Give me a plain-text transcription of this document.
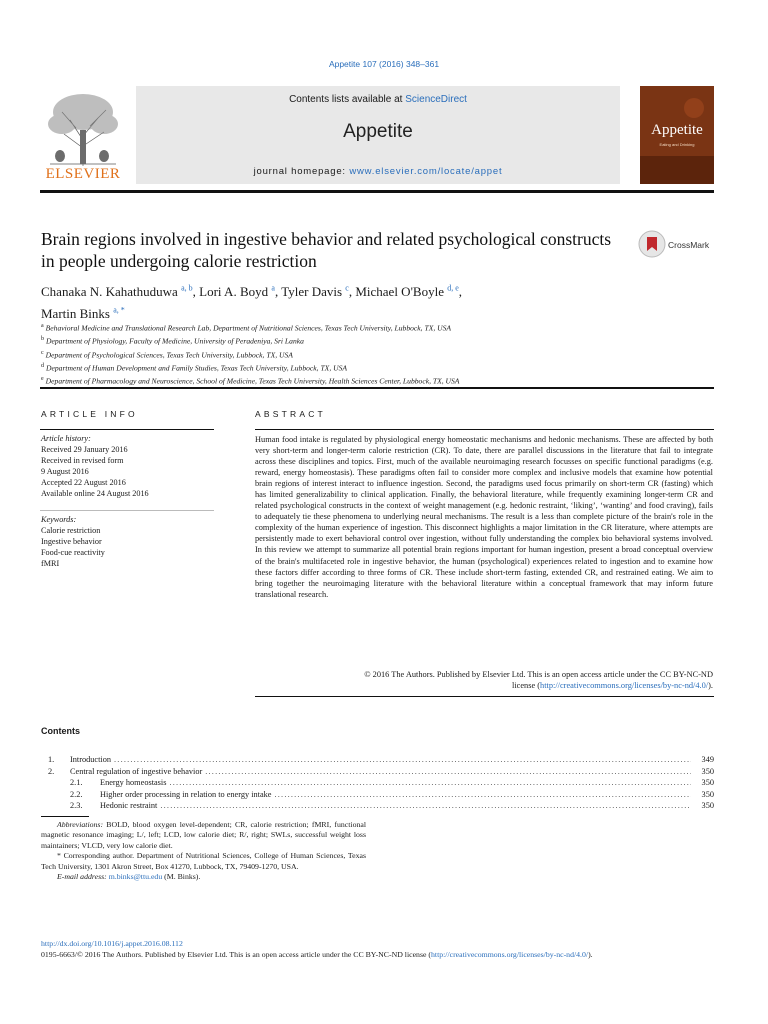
Appetite 107 (2016) 348–361
ELSEVIER
Contents lists available at ScienceDirect
Appetite
journal homepage: www.elsevier.com/locate/appet
Appetite
Eating and Drinking
Brain regions involved in ingestive behavior and related psychological constructs in people undergoing calorie restriction
CrossMark
Chanaka N. Kahathuduwa $^{a, b}$, Lori A. Boyd $^a$, Tyler Davis $^c$, Michael O'Boyle $^{d, e}$,
Martin Binks $^{a, *}$
$^a$ Behavioral Medicine and Translational Research Lab, Department of Nutritional Sciences, Texas Tech University, Lubbock, TX, USA
$^b$ Department of Physiology, Faculty of Medicine, University of Peradeniya, Sri Lanka
$^c$ Department of Psychological Sciences, Texas Tech University, Lubbock, TX, USA
$^d$ Department of Human Development and Family Studies, Texas Tech University, Lubbock, TX, USA
$^e$ Department of Pharmacology and Neuroscience, School of Medicine, Texas Tech University, Health Sciences Center, Lubbock, TX, USA
ARTICLE INFO	ABSTRACT
Article history:
Received 29 January 2016
Received in revised form
9 August 2016
Accepted 22 August 2016
Available online 24 August 2016
Keywords:
Calorie restriction
Ingestive behavior
Food-cue reactivity
fMRI
Human food intake is regulated by physiological energy homeostatic mechanisms and hedonic mechanisms. These are affected by both very short-term and longer-term calorie restriction (CR). To date, there are parallel discussions in the literature that fail to integrate across these disciplines and topics. First, much of the available neuroimaging research focusses on specific functional paradigms (e.g. reward, energy homeostasis). These paradigms often fail to consider more complex and inclusive models that examine how potential brain regions of interest interact to influence ingestion. Second, the paradigms used focus primarily on short-term CR (fasting) which has limited generalizability to clinical application. Finally, the behavioral literature, while frequently examining longer-term CR and related psychological constructs in the context of weight management (e.g. hedonic restraint, ‘liking’, ‘wanting’ and food craving), fails to adequately tie these phenomena to underlying neural mechanisms. The result is a less than complete picture of the brain's role in the complexity of the human experience of ingestion. This disconnect highlights a major limitation in the CR literature, where attempts are persistently made to exert behavioral control over ingestion, without fully understanding the complex bio behavioral systems involved. In this review we attempt to summarize all potential brain regions important for human ingestion, present a broad conceptual overview of the brain's multifaceted role in ingestive behavior, the human (psychological) experiences related to ingestion and to examine how these factors differ according to three forms of CR. These include short-term fasting, extended CR, and restrained eating. We aim to bring together the neuroimaging literature with the behavioral literature within a conceptual framework that may inform future translational research.
© 2016 The Authors. Published by Elsevier Ltd. This is an open access article under the CC BY-NC-ND
license (http://creativecommons.org/licenses/by-nc-nd/4.0/).
Contents
1.	Introduction .....	349
2.	Central regulation of ingestive behavior .....	350
2.1.	Energy homeostasis .....	350
2.2.	Higher order processing in relation to energy intake .....	350
2.3.	Hedonic restraint .....	350

Abbreviations: BOLD, blood oxygen level-dependent; CR, calorie restriction; fMRI, functional magnetic resonance imaging; L/, left; LCD, low calorie diet; R/, right; SWLs, successful weight loss maintainers; VLCD, very low calorie diet.

* Corresponding author. Department of Nutritional Sciences, College of Human Sciences, Texas Tech University, 1301 Akron Street, Box 41270, Lubbock, TX, 79409-1270, USA.

E-mail address: m.binks@ttu.edu (M. Binks).

http://dx.doi.org/10.1016/j.appet.2016.08.112
0195-6663/© 2016 The Authors. Published by Elsevier Ltd. This is an open access article under the CC BY-NC-ND license (http://creativecommons.org/licenses/by-nc-nd/4.0/).
